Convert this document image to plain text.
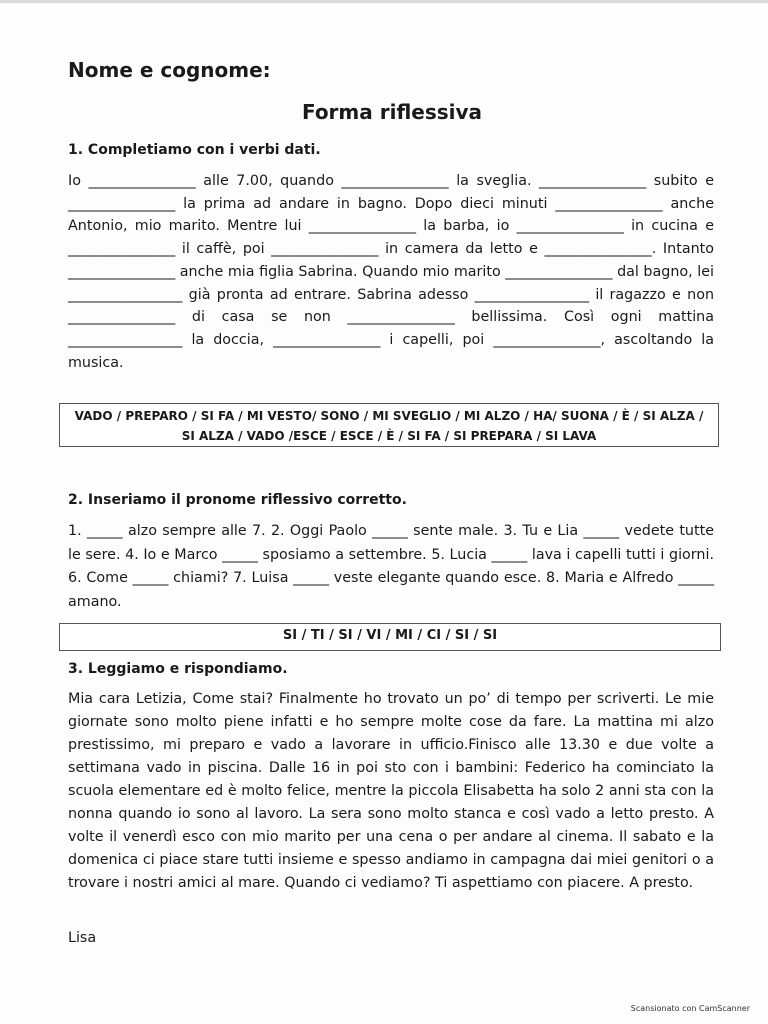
Nome e cognome:
Forma riflessiva
1. Completiamo con i verbi dati.
Io _______________ alle 7.00, quando _______________ la sveglia. _______________ subito e _______________ la prima ad andare in bagno. Dopo dieci minuti _______________ anche Antonio, mio marito. Mentre lui _______________ la barba, io _______________ in cucina e _______________ il caffè, poi _______________ in camera da letto e _______________. Intanto _______________ anche mia figlia Sabrina. Quando mio marito _______________ dal bagno, lei ________________ già pronta ad entrare. Sabrina adesso ________________ il ragazzo e non _______________ di casa se non _______________ bellissima. Così ogni mattina ________________ la doccia, _______________ i capelli, poi _______________, ascoltando la musica.
VADO / PREPARO / SI FA / MI VESTO/ SONO / MI SVEGLIO / MI ALZO / HA/ SUONA / È / SI ALZA /
SI ALZA / VADO /ESCE / ESCE / È / SI FA / SI PREPARA / SI LAVA
2. Inseriamo il pronome riflessivo corretto.
1. _____ alzo sempre alle 7. 2. Oggi Paolo _____ sente male. 3. Tu e Lia _____ vedete tutte le sere. 4. Io e Marco _____ sposiamo a settembre. 5. Lucia _____ lava i capelli tutti i giorni. 6. Come _____ chiami? 7. Luisa _____ veste elegante quando esce. 8. Maria e Alfredo _____ amano.
SI / TI / SI / VI / MI / CI / SI / SI
3. Leggiamo e rispondiamo.
Mia cara Letizia, Come stai? Finalmente ho trovato un po’ di tempo per scriverti. Le mie giornate sono molto piene infatti e ho sempre molte cose da fare. La mattina mi alzo prestissimo, mi preparo e vado a lavorare in ufficio.Finisco alle 13.30 e due volte a settimana vado in piscina. Dalle 16 in poi sto con i bambini: Federico ha cominciato la scuola elementare ed è molto felice, mentre la piccola Elisabetta ha solo 2 anni sta con la nonna quando io sono al lavoro. La sera sono molto stanca e così vado a letto presto. A volte il venerdì esco con mio marito per una cena o per andare al cinema. Il sabato e la domenica ci piace stare tutti insieme e spesso andiamo in campagna dai miei genitori o a trovare i nostri amici al mare. Quando ci vediamo? Ti aspettiamo con piacere. A presto.
Lisa
Scansionato con CamScanner
